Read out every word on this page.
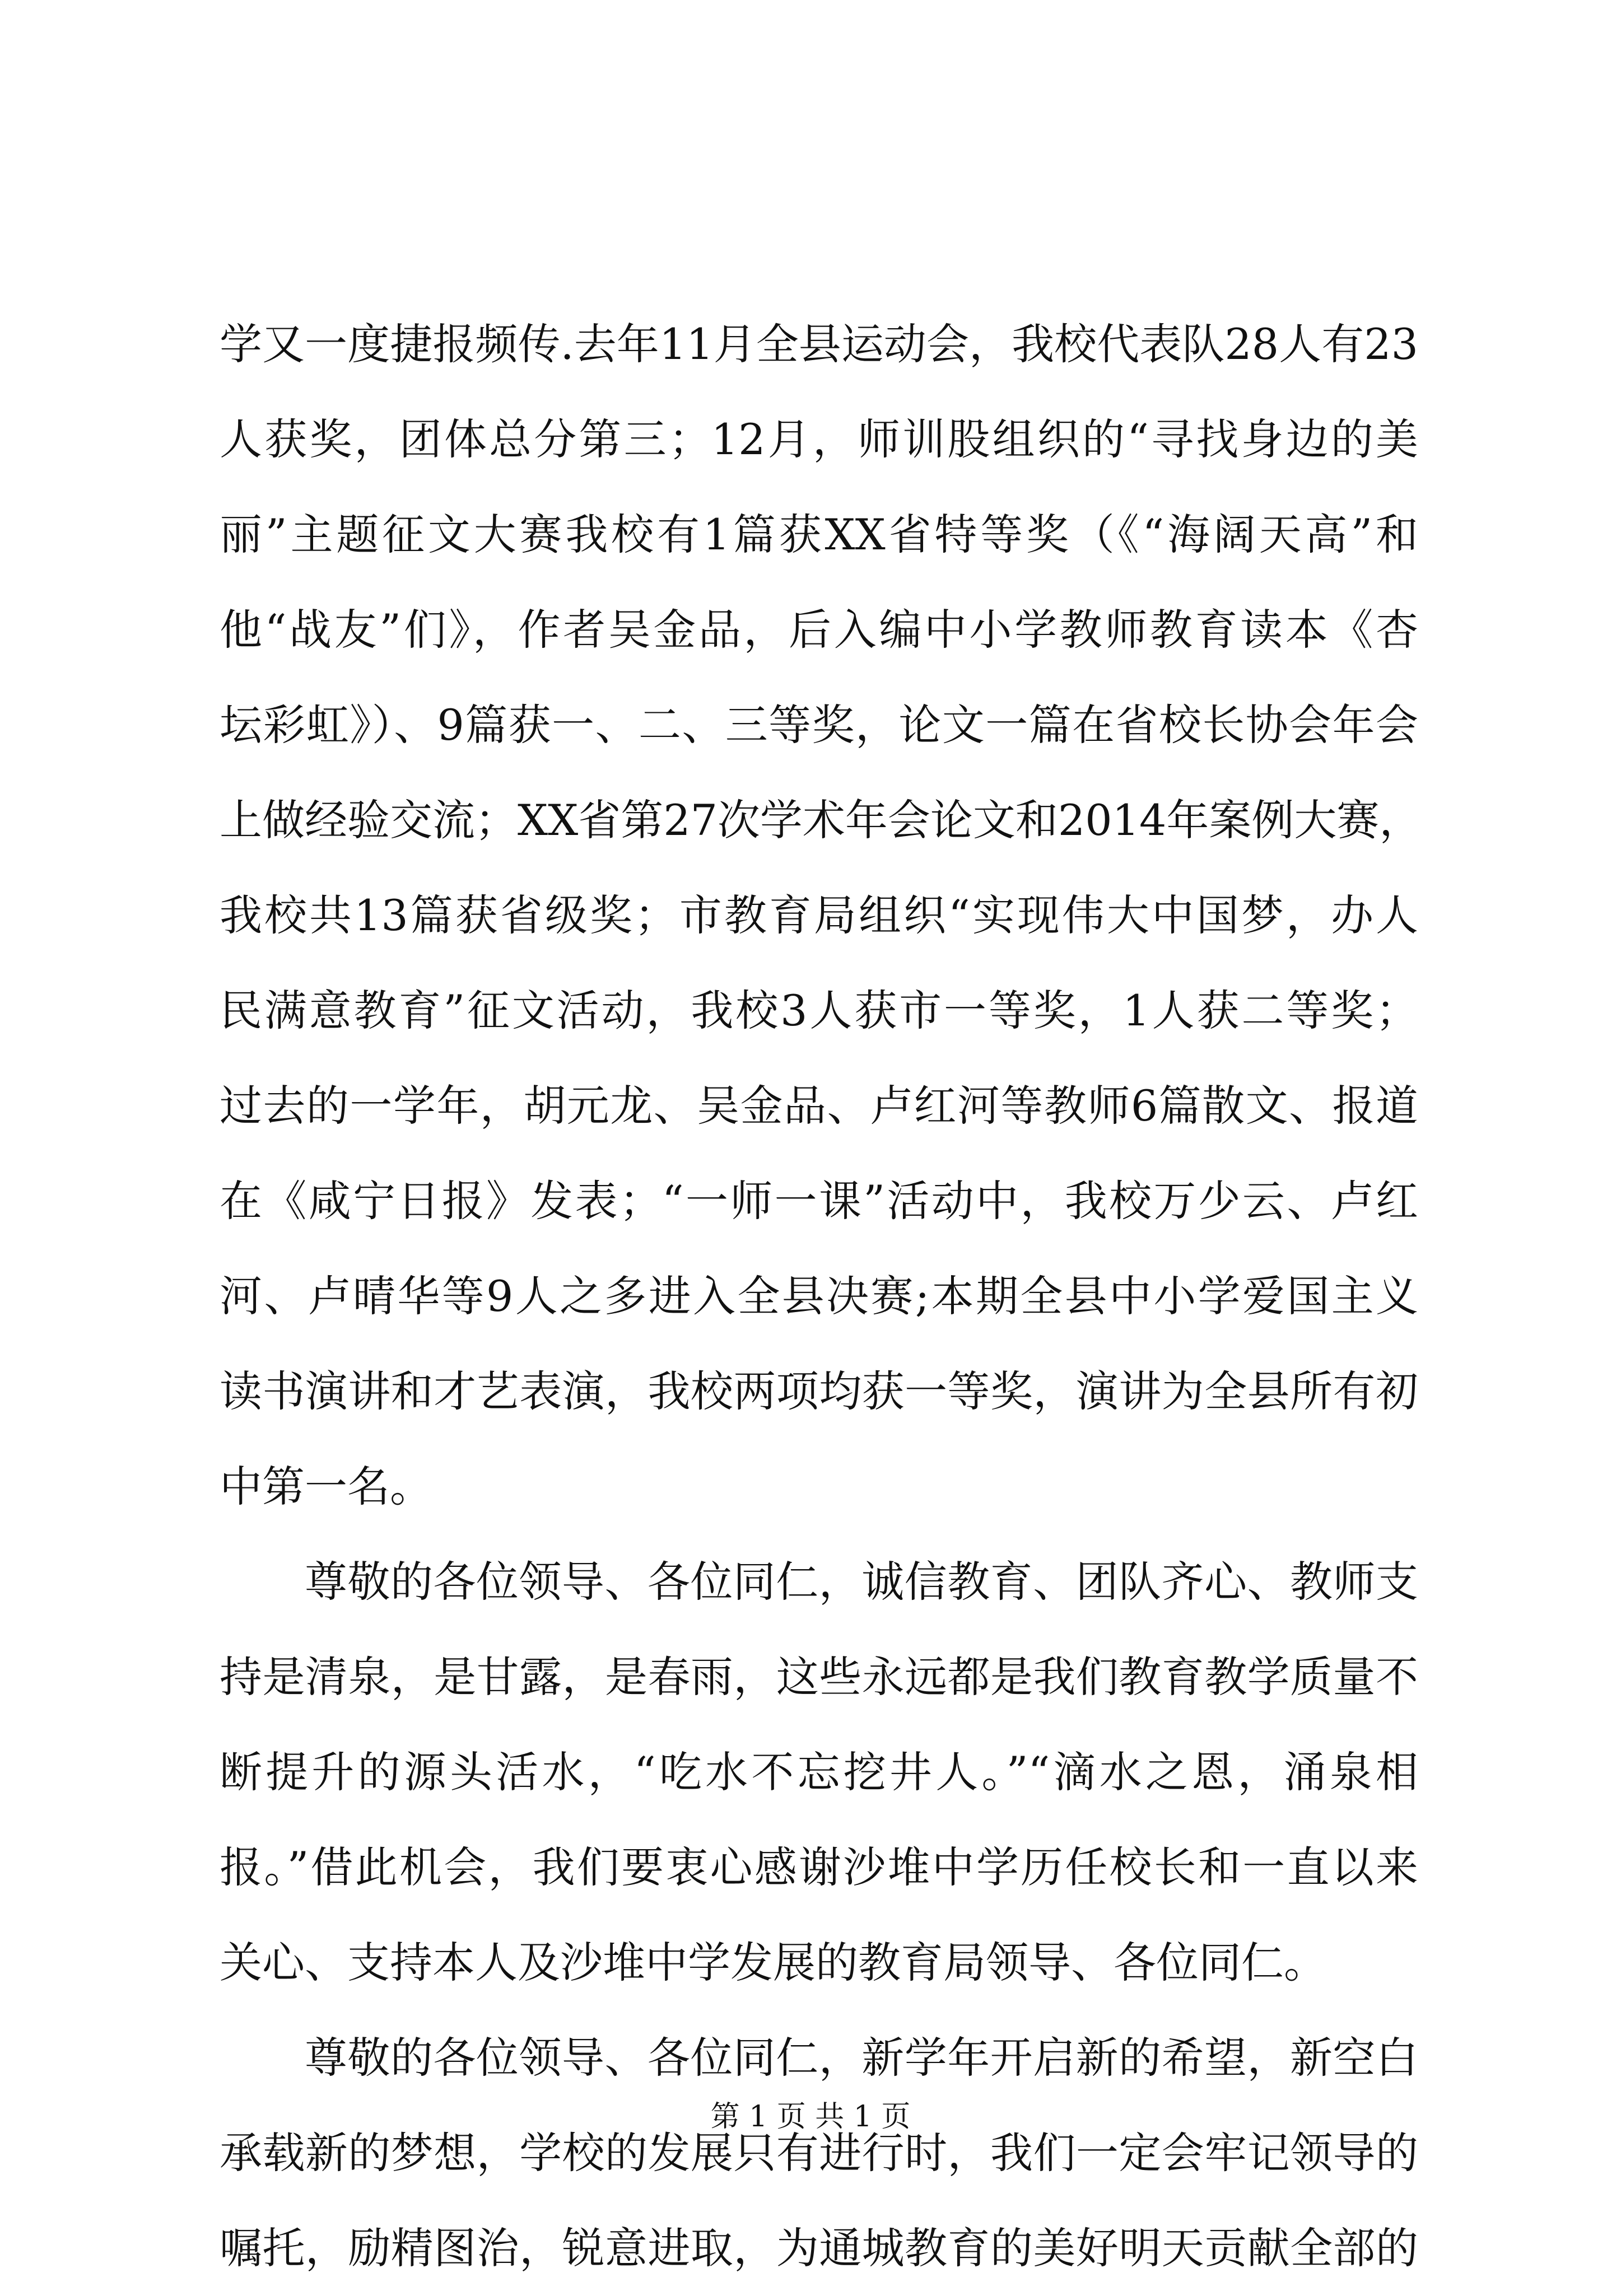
学又一度捷报频传.去年11月全县运动会，我校代表队28人有23
人获奖，团体总分第三；12月，师训股组织的“寻找身边的美
丽”主题征文大赛我校有1篇获XX省特等奖（《“海阔天高”和
他“战友”们》，作者吴金品，后入编中小学教师教育读本《杏
坛彩虹》）、9篇获一、二、三等奖，论文一篇在省校长协会年会
上做经验交流；XX省第27次学术年会论文和2014年案例大赛，
我校共13篇获省级奖；市教育局组织“实现伟大中国梦，办人
民满意教育”征文活动，我校3人获市一等奖，1人获二等奖；
过去的一学年，胡元龙、吴金品、卢红河等教师6篇散文、报道
在《咸宁日报》发表；“一师一课”活动中，我校万少云、卢红
河、卢晴华等9人之多进入全县决赛;本期全县中小学爱国主义
读书演讲和才艺表演，我校两项均获一等奖，演讲为全县所有初
中第一名。
尊敬的各位领导、各位同仁，诚信教育、团队齐心、教师支
持是清泉，是甘露，是春雨，这些永远都是我们教育教学质量不
断提升的源头活水，“吃水不忘挖井人。”“滴水之恩，涌泉相
报。”借此机会，我们要衷心感谢沙堆中学历任校长和一直以来
关心、支持本人及沙堆中学发展的教育局领导、各位同仁。
尊敬的各位领导、各位同仁，新学年开启新的希望，新空白
承载新的梦想，学校的发展只有进行时，我们一定会牢记领导的
嘱托，励精图治，锐意进取，为通城教育的美好明天贡献全部的
第 1 页 共 1 页
